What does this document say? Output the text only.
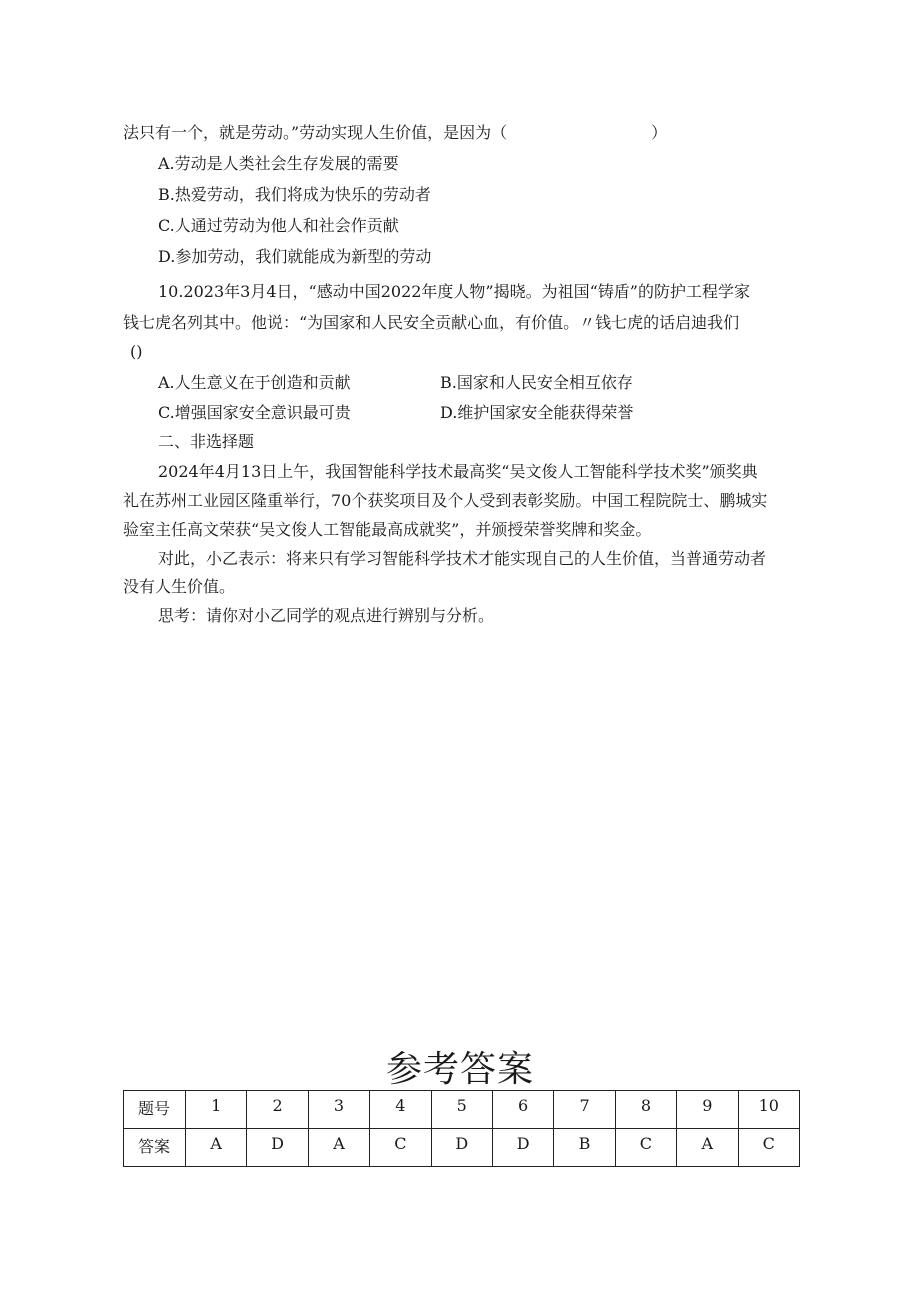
法只有一个，就是劳动。”劳动实现人生价值，是因为（　　　　　　　　　）
A.劳动是人类社会生存发展的需要
B.热爱劳动，我们将成为快乐的劳动者
C.人通过劳动为他人和社会作贡献
D.参加劳动，我们就能成为新型的劳动
10.2023年3月4日，“感动中国2022年度人物”揭晓。为祖国“铸盾”的防护工程学家
钱七虎名列其中。他说：“为国家和人民安全贡献心血，有价值。〃钱七虎的话启迪我们
()
A.人生意义在于创造和贡献	B.国家和人民安全相互依存
C.增强国家安全意识最可贵	D.维护国家安全能获得荣誉
二、非选择题
2024年4月13日上午，我国智能科学技术最高奖“吴文俊人工智能科学技术奖”颁奖典
礼在苏州工业园区隆重举行，70个获奖项目及个人受到表彰奖励。中国工程院院士、鹏城实
验室主任高文荣获“吴文俊人工智能最高成就奖”，并颁授荣誉奖牌和奖金。
对此，小乙表示：将来只有学习智能科学技术才能实现自己的人生价值，当普通劳动者
没有人生价值。
思考：请你对小乙同学的观点进行辨别与分析。
参考答案
题号	1	2	3	4	5	6	7	8	9	10
答案	A	D	A	C	D	D	B	C	A	C
